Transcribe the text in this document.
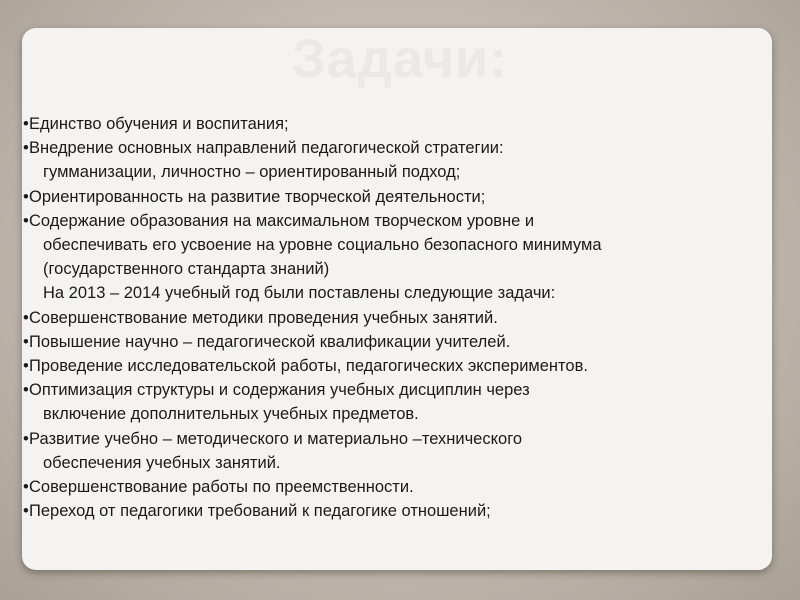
Задачи:
•Единство обучения и воспитания;
•Внедрение основных направлений педагогической стратегии:
гумманизации, личностно – ориентированный подход;
•Ориентированность на развитие творческой деятельности;
•Содержание образования на максимальном творческом уровне и
обеспечивать его усвоение на уровне социально безопасного минимума
(государственного стандарта знаний)
На 2013 – 2014 учебный год были поставлены следующие задачи:
•Совершенствование методики проведения учебных занятий.
•Повышение научно – педагогической квалификации учителей.
•Проведение исследовательской работы, педагогических экспериментов.
•Оптимизация структуры и содержания учебных дисциплин через
включение дополнительных учебных предметов.
•Развитие учебно – методического и материально –технического
обеспечения учебных занятий.
•Совершенствование работы по преемственности.
•Переход от педагогики требований к педагогике отношений;
